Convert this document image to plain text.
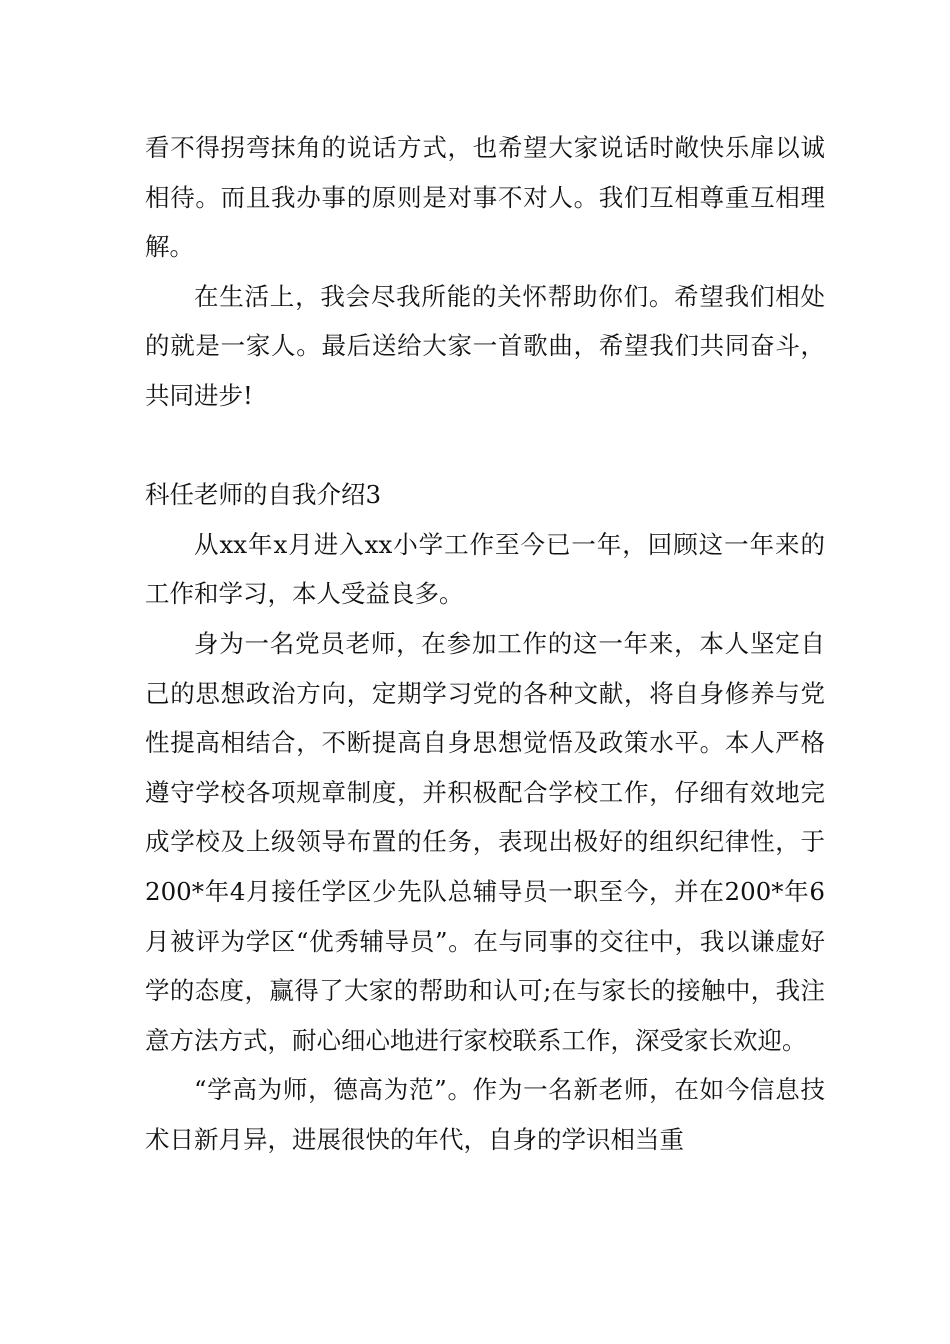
看不得拐弯抹角的说话方式，也希望大家说话时敞快乐扉以诚相待。而且我办事的原则是对事不对人。我们互相尊重互相理解。

在生活上，我会尽我所能的关怀帮助你们。希望我们相处的就是一家人。最后送给大家一首歌曲，希望我们共同奋斗，共同进步!

科任老师的自我介绍3

从xx年x月进入xx小学工作至今已一年，回顾这一年来的工作和学习，本人受益良多。

身为一名党员老师，在参加工作的这一年来，本人坚定自己的思想政治方向，定期学习党的各种文献，将自身修养与党性提高相结合，不断提高自身思想觉悟及政策水平。本人严格遵守学校各项规章制度，并积极配合学校工作，仔细有效地完成学校及上级领导布置的任务，表现出极好的组织纪律性，于200*年4月接任学区少先队总辅导员一职至今，并在200*年6月被评为学区“优秀辅导员”。在与同事的交往中，我以谦虚好学的态度，赢得了大家的帮助和认可;在与家长的接触中，我注意方法方式，耐心细心地进行家校联系工作，深受家长欢迎。

“学高为师，德高为范”。作为一名新老师，在如今信息技术日新月异，进展很快的年代，自身的学识相当重
